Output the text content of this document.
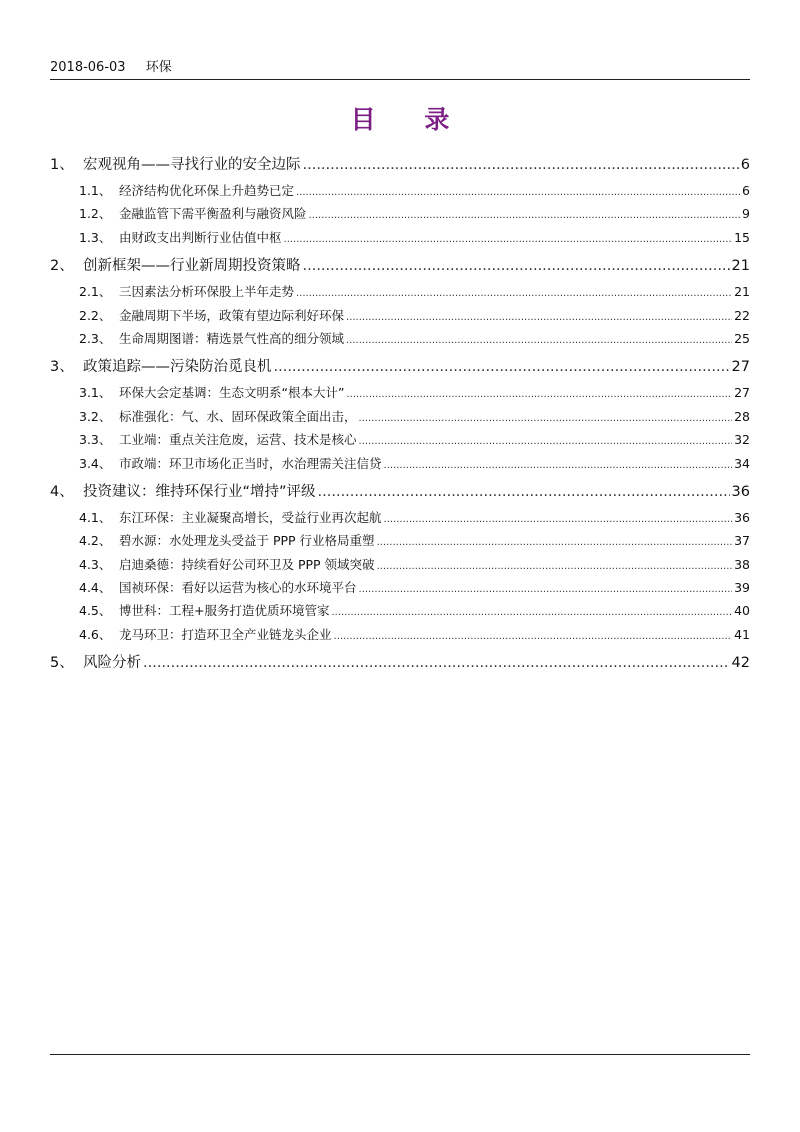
2018-06-03 环保
目 录
1、 宏观视角——寻找行业的安全边际 .....	6
1.1、 经济结构优化环保上升趋势已定 .....	6
1.2、 金融监管下需平衡盈利与融资风险 .....	9
1.3、 由财政支出判断行业估值中枢 .....	15
2、 创新框架——行业新周期投资策略 .....	21
2.1、 三因素法分析环保股上半年走势 .....	21
2.2、 金融周期下半场，政策有望边际利好环保 .....	22
2.3、 生命周期图谱：精选景气性高的细分领域 .....	25
3、 政策追踪——污染防治觅良机 .....	27
3.1、 环保大会定基调：生态文明系“根本大计” .....	27
3.2、 标准强化：气、水、固环保政策全面出击， .....	28
3.3、 工业端：重点关注危废，运营、技术是核心 .....	32
3.4、 市政端：环卫市场化正当时，水治理需关注信贷 .....	34
4、 投资建议：维持环保行业“增持”评级 .....	36
4.1、 东江环保：主业凝聚高增长，受益行业再次起航 .....	36
4.2、 碧水源：水处理龙头受益于 PPP 行业格局重塑 .....	37
4.3、 启迪桑德：持续看好公司环卫及 PPP 领域突破 .....	38
4.4、 国祯环保：看好以运营为核心的水环境平台 .....	39
4.5、 博世科：工程+服务打造优质环境管家 .....	40
4.6、 龙马环卫：打造环卫全产业链龙头企业 .....	41
5、 风险分析 .....	42
